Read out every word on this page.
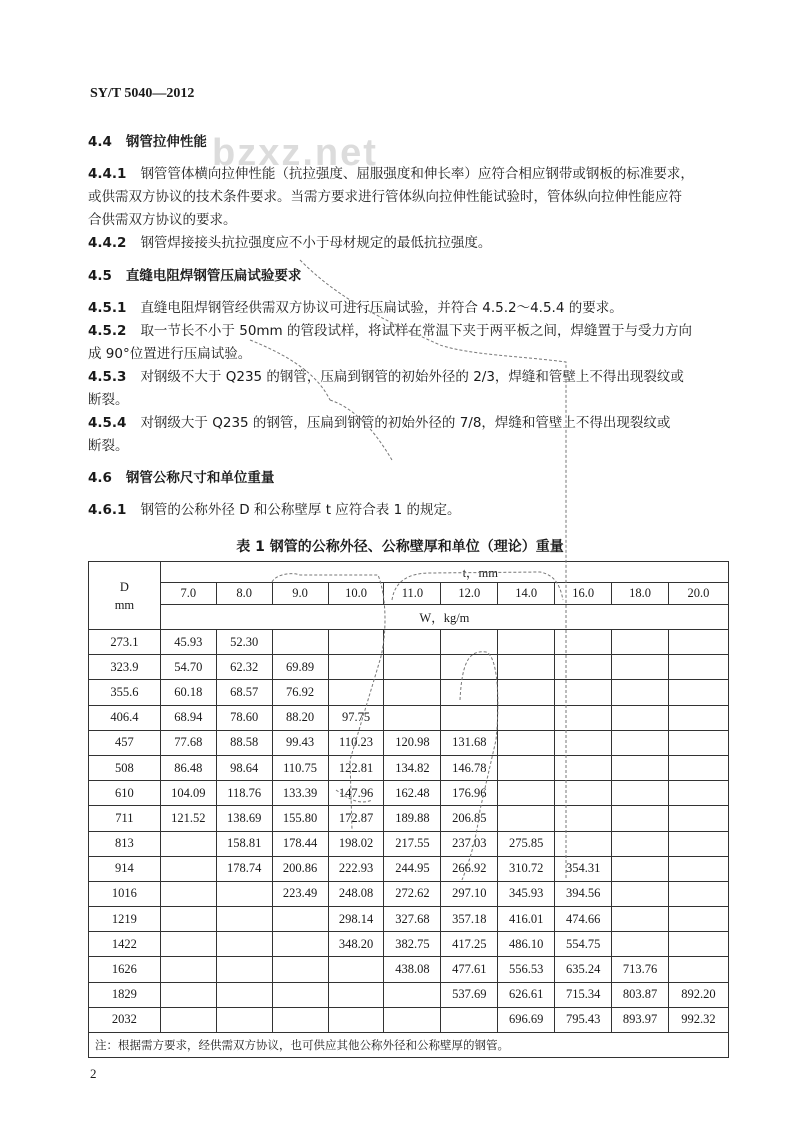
SY/T 5040—2012
bzxz.net
4.4 钢管拉伸性能
4.4.1 钢管管体横向拉伸性能（抗拉强度、屈服强度和伸长率）应符合相应钢带或钢板的标准要求，
或供需双方协议的技术条件要求。当需方要求进行管体纵向拉伸性能试验时，管体纵向拉伸性能应符
合供需双方协议的要求。
4.4.2 钢管焊接接头抗拉强度应不小于母材规定的最低抗拉强度。
4.5 直缝电阻焊钢管压扁试验要求
4.5.1 直缝电阻焊钢管经供需双方协议可进行压扁试验，并符合 4.5.2～4.5.4 的要求。
4.5.2 取一节长不小于 50mm 的管段试样，将试样在常温下夹于两平板之间，焊缝置于与受力方向
成 90°位置进行压扁试验。
4.5.3 对钢级不大于 Q235 的钢管，压扁到钢管的初始外径的 2/3，焊缝和管壁上不得出现裂纹或
断裂。
4.5.4 对钢级大于 Q235 的钢管，压扁到钢管的初始外径的 7/8，焊缝和管壁上不得出现裂纹或
断裂。
4.6 钢管公称尺寸和单位重量
4.6.1 钢管的公称外径 D 和公称壁厚 t 应符合表 1 的规定。
表 1 钢管的公称外径、公称壁厚和单位（理论）重量
D
mm	t，mm									
	7.0	8.0	9.0	10.0	11.0	12.0	14.0	16.0	18.0	20.0
	W，kg/m									
273.1	45.93	52.30								
323.9	54.70	62.32	69.89							
355.6	60.18	68.57	76.92							
406.4	68.94	78.60	88.20	97.75						
457	77.68	88.58	99.43	110.23	120.98	131.68				
508	86.48	98.64	110.75	122.81	134.82	146.78				
610	104.09	118.76	133.39	147.96	162.48	176.96				
711	121.52	138.69	155.80	172.87	189.88	206.85				
813		158.81	178.44	198.02	217.55	237.03	275.85			
914		178.74	200.86	222.93	244.95	266.92	310.72	354.31		
1016			223.49	248.08	272.62	297.10	345.93	394.56		
1219				298.14	327.68	357.18	416.01	474.66		
1422				348.20	382.75	417.25	486.10	554.75		
1626					438.08	477.61	556.53	635.24	713.76	
1829						537.69	626.61	715.34	803.87	892.20
2032							696.69	795.43	893.97	992.32
注：根据需方要求，经供需双方协议，也可供应其他公称外径和公称壁厚的钢管。										
2
